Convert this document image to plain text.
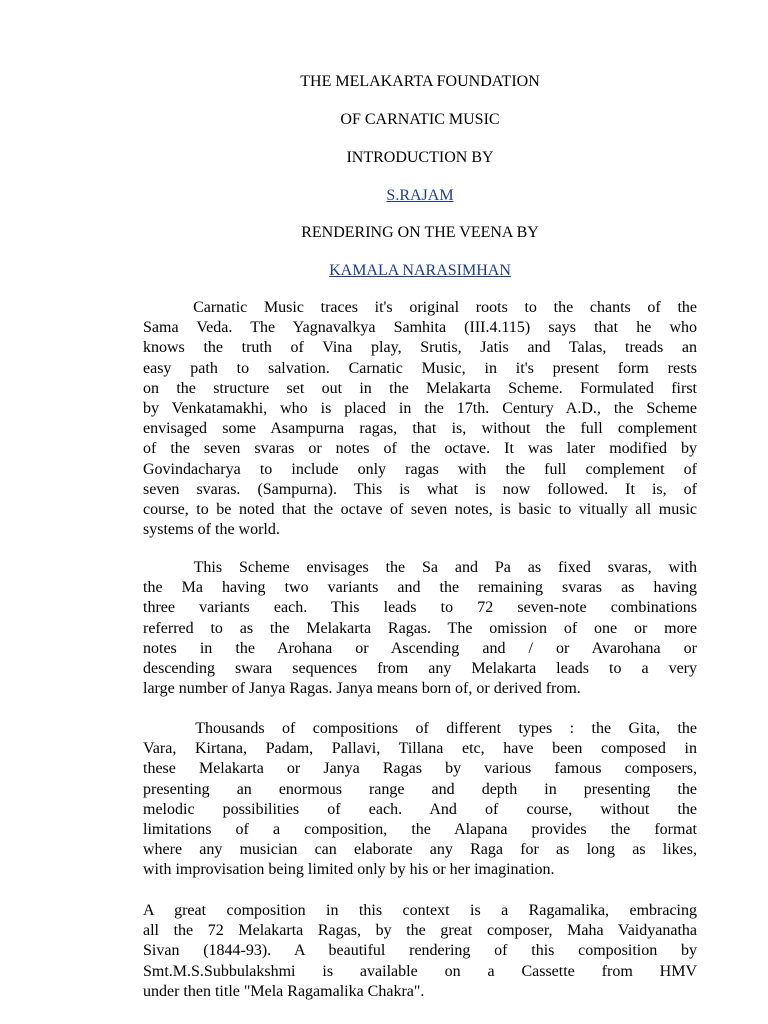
THE MELAKARTA FOUNDATION
OF CARNATIC MUSIC
INTRODUCTION BY
S.RAJAM
RENDERING ON THE VEENA BY
KAMALA NARASIMHAN
Carnatic Music traces it's original roots to the chants of the
Sama Veda. The Yagnavalkya Samhita (III.4.115) says that he who
knows the truth of Vina play, Srutis, Jatis and Talas, treads an
easy path to salvation. Carnatic Music, in it's present form rests
on the structure set out in the Melakarta Scheme. Formulated first
by Venkatamakhi, who is placed in the 17th. Century A.D., the Scheme
envisaged some Asampurna ragas, that is, without the full complement
of the seven svaras or notes of the octave. It was later modified by
Govindacharya to include only ragas with the full complement of
seven svaras. (Sampurna). This is what is now followed. It is, of
course, to be noted that the octave of seven notes, is basic to vitually all music
systems of the world.
This Scheme envisages the Sa and Pa as fixed svaras, with
the Ma having two variants and the remaining svaras as having
three variants each. This leads to 72 seven-note combinations
referred to as the Melakarta Ragas. The omission of one or more
notes in the Arohana or Ascending and / or Avarohana or
descending swara sequences from any Melakarta leads to a very
large number of Janya Ragas. Janya means born of, or derived from.
Thousands of compositions of different types : the Gita, the
Vara, Kirtana, Padam, Pallavi, Tillana etc, have been composed in
these Melakarta or Janya Ragas by various famous composers,
presenting an enormous range and depth in presenting the
melodic possibilities of each. And of course, without the
limitations of a composition, the Alapana provides the format
where any musician can elaborate any Raga for as long as likes,
with improvisation being limited only by his or her imagination.
A great composition in this context is a Ragamalika, embracing
all the 72 Melakarta Ragas, by the great composer, Maha Vaidyanatha
Sivan (1844-93). A beautiful rendering of this composition by
Smt.M.S.Subbulakshmi is available on a Cassette from HMV
under then title "Mela Ragamalika Chakra".
